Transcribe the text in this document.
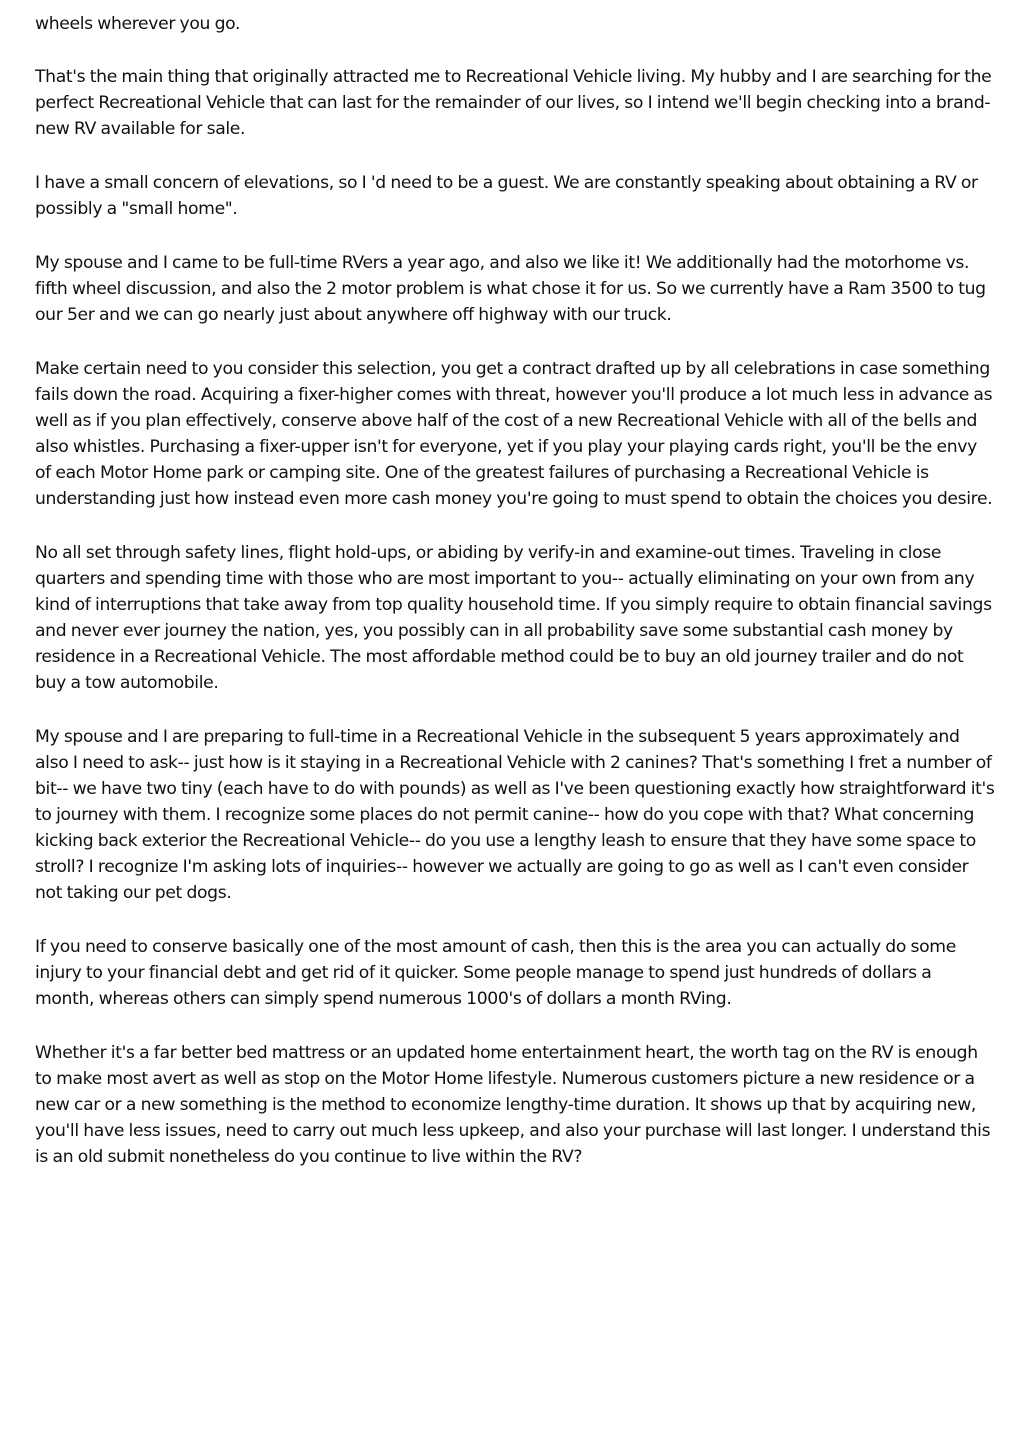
wheels wherever you go.

That's the main thing that originally attracted me to Recreational Vehicle living. My hubby and I are searching for the perfect Recreational Vehicle that can last for the remainder of our lives, so I intend we'll begin checking into a brand-new RV available for sale.

I have a small concern of elevations, so I 'd need to be a guest. We are constantly speaking about obtaining a RV or possibly a "small home".

My spouse and I came to be full-time RVers a year ago, and also we like it! We additionally had the motorhome vs. fifth wheel discussion, and also the 2 motor problem is what chose it for us. So we currently have a Ram 3500 to tug our 5er and we can go nearly just about anywhere off highway with our truck.

Make certain need to you consider this selection, you get a contract drafted up by all celebrations in case something fails down the road. Acquiring a fixer-higher comes with threat, however you'll produce a lot much less in advance as well as if you plan effectively, conserve above half of the cost of a new Recreational Vehicle with all of the bells and also whistles. Purchasing a fixer-upper isn't for everyone, yet if you play your playing cards right, you'll be the envy of each Motor Home park or camping site. One of the greatest failures of purchasing a Recreational Vehicle is understanding just how instead even more cash money you're going to must spend to obtain the choices you desire.

No all set through safety lines, flight hold-ups, or abiding by verify-in and examine-out times. Traveling in close quarters and spending time with those who are most important to you-- actually eliminating on your own from any kind of interruptions that take away from top quality household time. If you simply require to obtain financial savings and never ever journey the nation, yes, you possibly can in all probability save some substantial cash money by residence in a Recreational Vehicle. The most affordable method could be to buy an old journey trailer and do not buy a tow automobile.

My spouse and I are preparing to full-time in a Recreational Vehicle in the subsequent 5 years approximately and also I need to ask-- just how is it staying in a Recreational Vehicle with 2 canines? That's something I fret a number of bit-- we have two tiny (each have to do with pounds) as well as I've been questioning exactly how straightforward it's to journey with them. I recognize some places do not permit canine-- how do you cope with that? What concerning kicking back exterior the Recreational Vehicle-- do you use a lengthy leash to ensure that they have some space to stroll? I recognize I'm asking lots of inquiries-- however we actually are going to go as well as I can't even consider not taking our pet dogs.

If you need to conserve basically one of the most amount of cash, then this is the area you can actually do some injury to your financial debt and get rid of it quicker. Some people manage to spend just hundreds of dollars a month, whereas others can simply spend numerous 1000's of dollars a month RVing.

Whether it's a far better bed mattress or an updated home entertainment heart, the worth tag on the RV is enough to make most avert as well as stop on the Motor Home lifestyle. Numerous customers picture a new residence or a new car or a new something is the method to economize lengthy-time duration. It shows up that by acquiring new, you'll have less issues, need to carry out much less upkeep, and also your purchase will last longer. I understand this is an old submit nonetheless do you continue to live within the RV?
